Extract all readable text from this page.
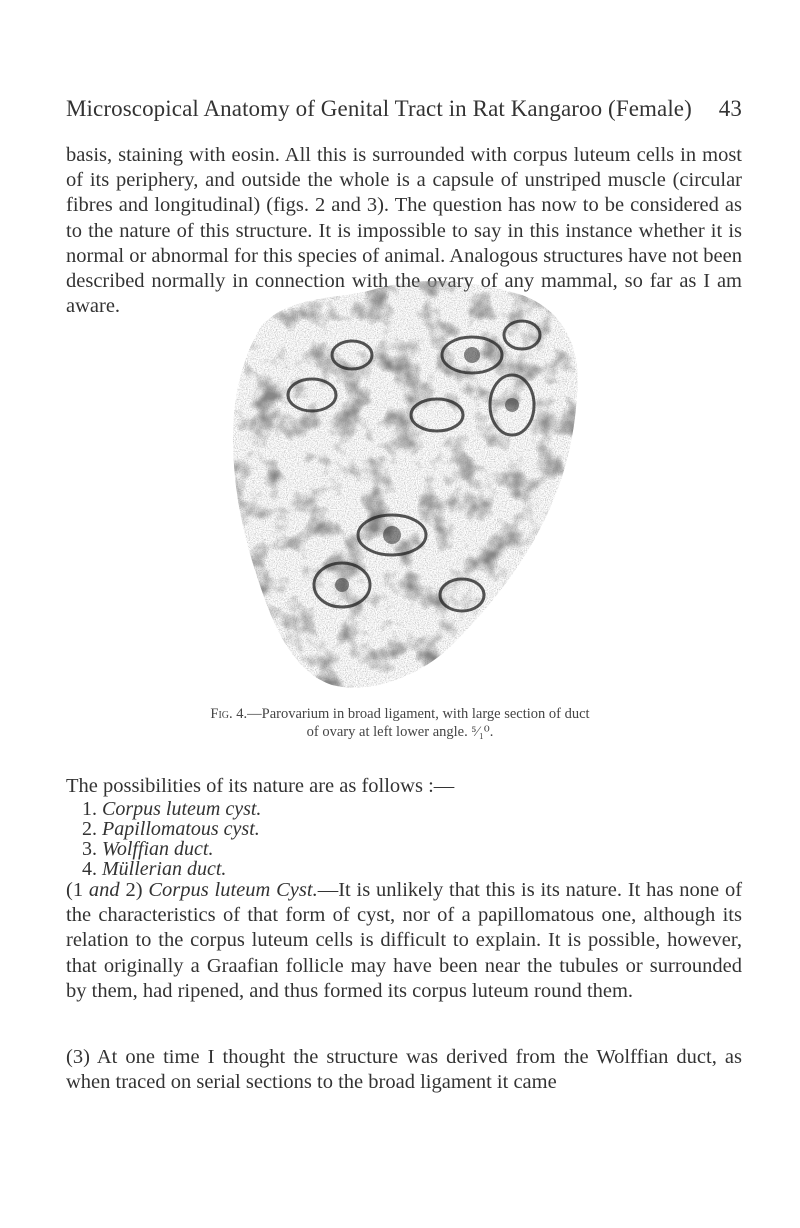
Microscopical Anatomy of Genital Tract in Rat Kangaroo (Female) 43
basis, staining with eosin. All this is surrounded with corpus luteum cells in most of its periphery, and outside the whole is a capsule of unstriped muscle (circular fibres and longitudinal) (figs. 2 and 3). The question has now to be considered as to the nature of this structure. It is impossible to say in this instance whether it is normal or abnormal for this species of animal. Analogous structures have not been described normally in connection with the ovary of any mammal, so far as I am aware.
Fig. 4.—Parovarium in broad ligament, with large section of duct
of ovary at left lower angle. ⁵⁄₁⁰.
The possibilities of its nature are as follows :—
1. Corpus luteum cyst.
2. Papillomatous cyst.
3. Wolffian duct.
4. Müllerian duct.
(1 and 2) Corpus luteum Cyst.—It is unlikely that this is its nature. It has none of the characteristics of that form of cyst, nor of a papillomatous one, although its relation to the corpus luteum cells is difficult to explain. It is possible, however, that originally a Graafian follicle may have been near the tubules or surrounded by them, had ripened, and thus formed its corpus luteum round them.
(3) At one time I thought the structure was derived from the Wolffian duct, as when traced on serial sections to the broad ligament it came
